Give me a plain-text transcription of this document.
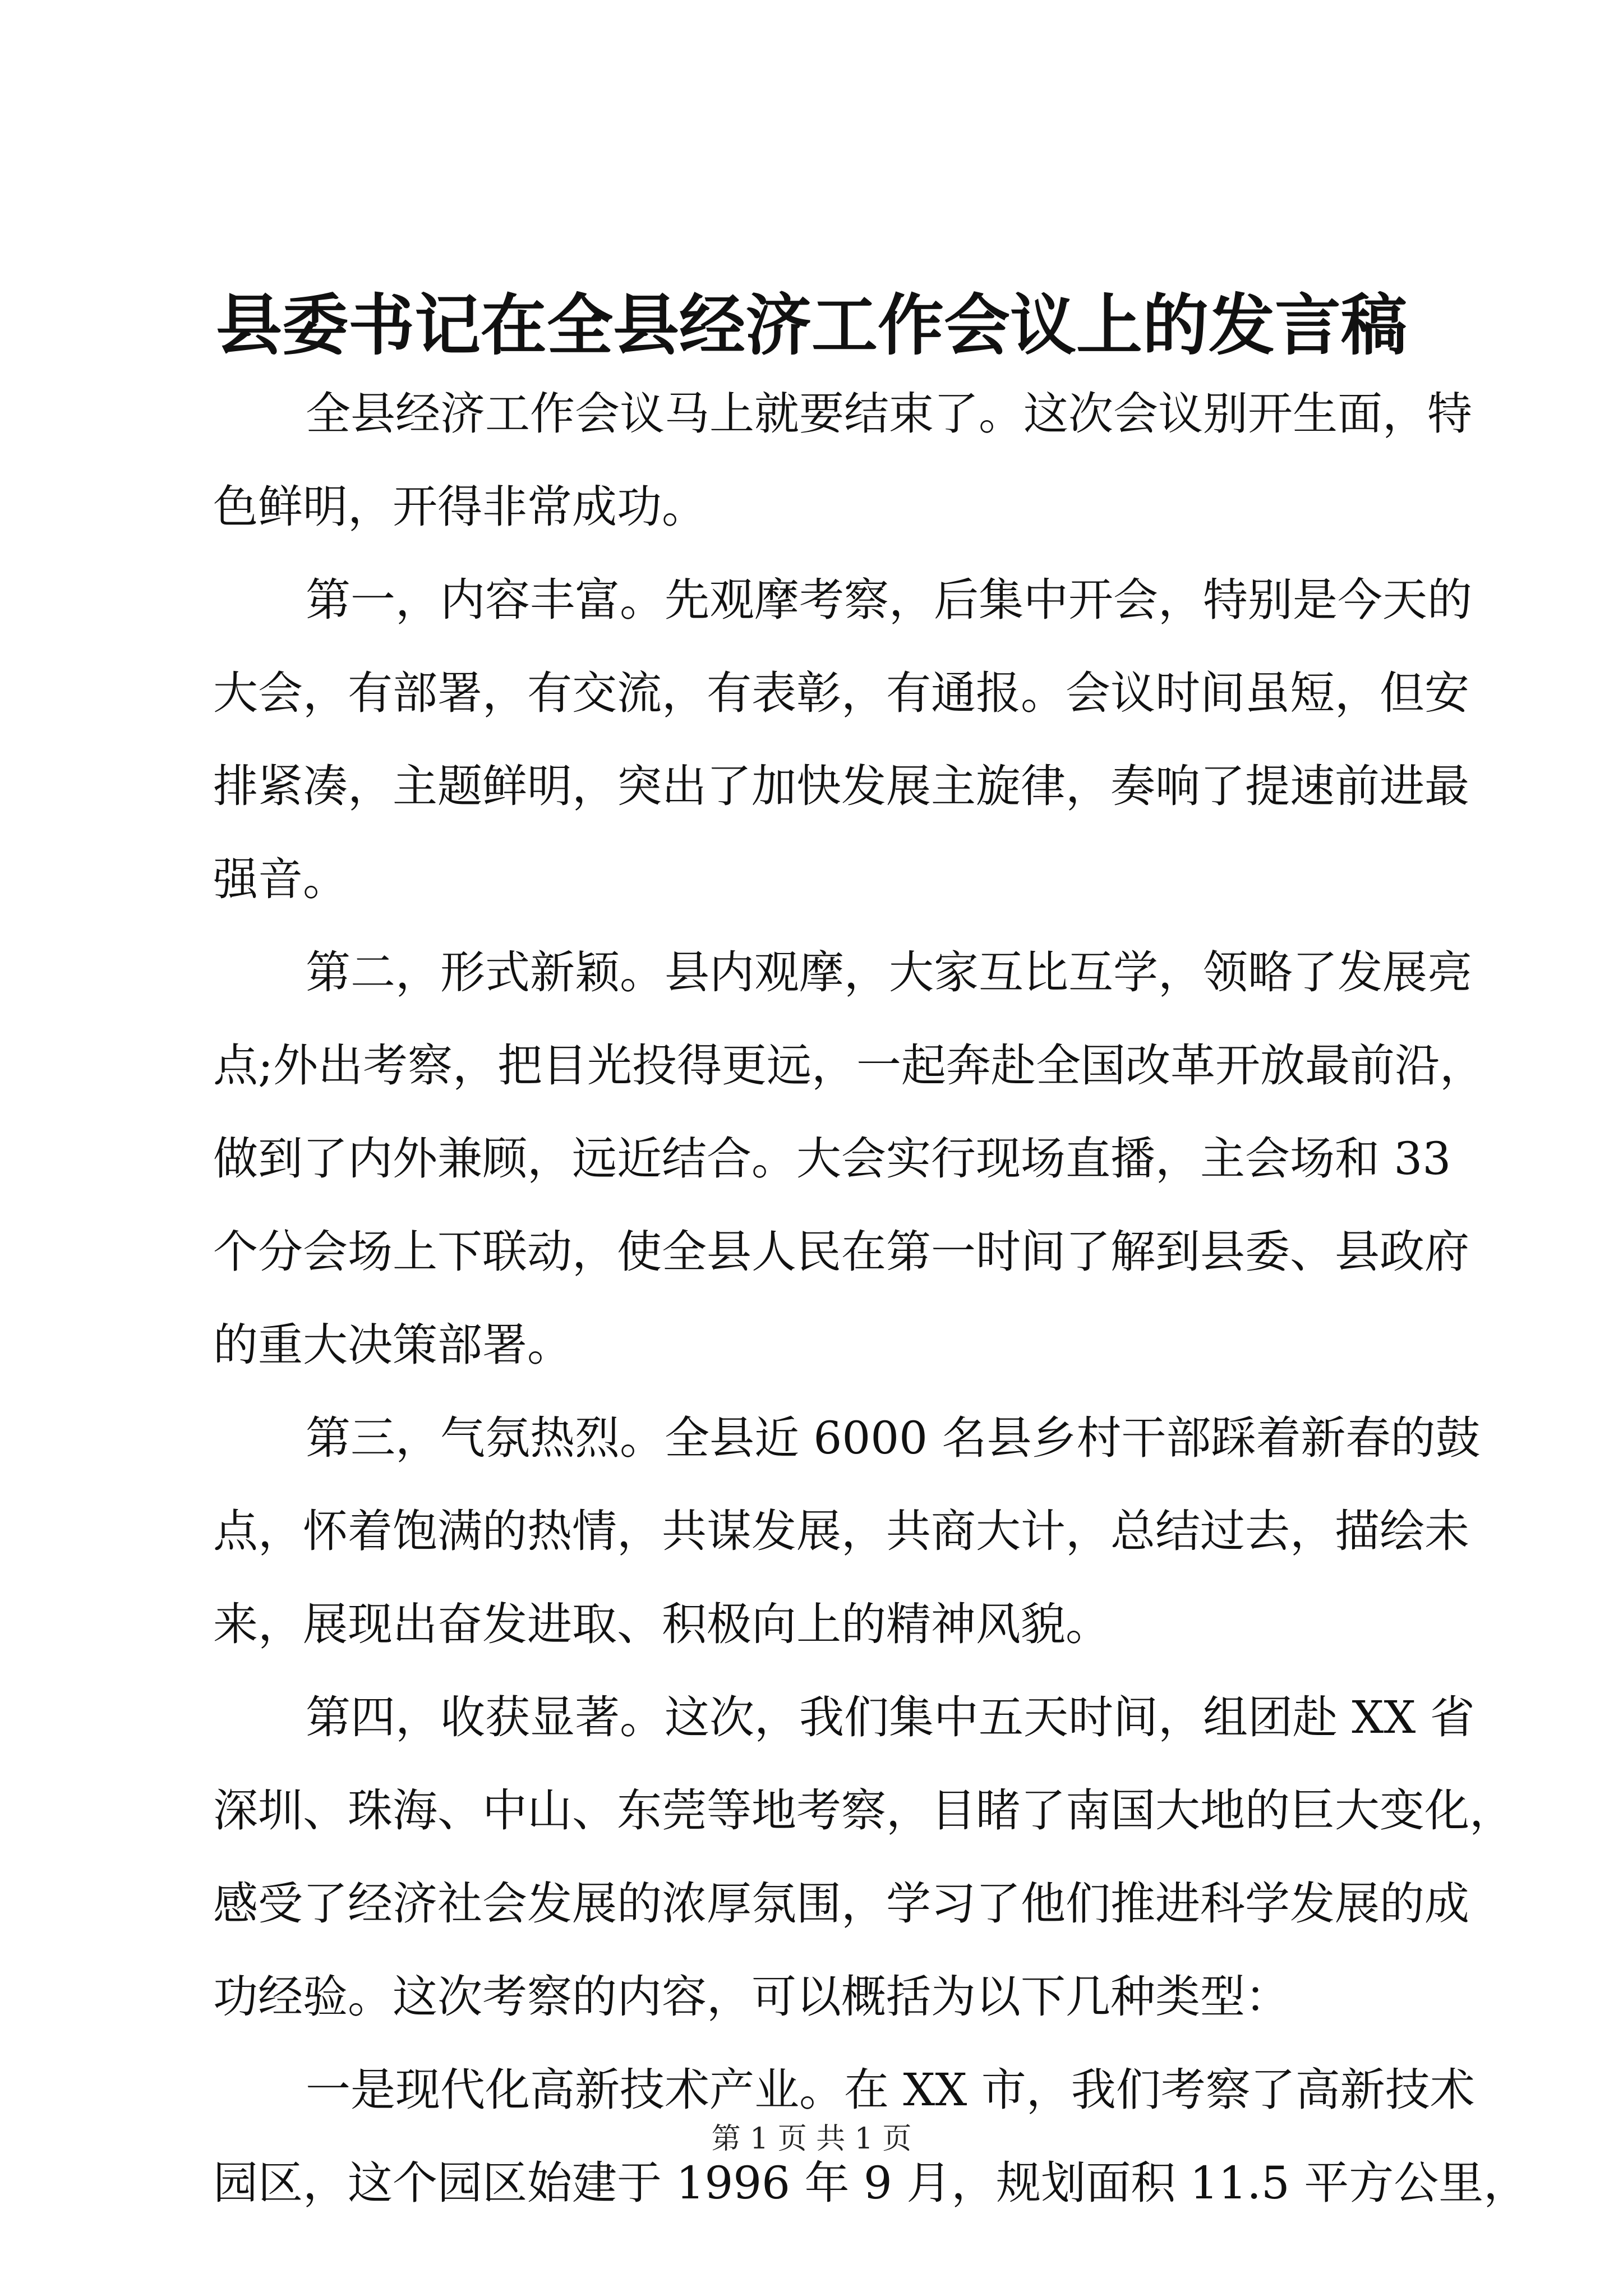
县委书记在全县经济工作会议上的发言稿
全县经济工作会议马上就要结束了。这次会议别开生面，特
色鲜明，开得非常成功。
第一，内容丰富。先观摩考察，后集中开会，特别是今天的
大会，有部署，有交流，有表彰，有通报。会议时间虽短，但安
排紧凑，主题鲜明，突出了加快发展主旋律，奏响了提速前进最
强音。
第二，形式新颖。县内观摩，大家互比互学，领略了发展亮
点;外出考察，把目光投得更远，一起奔赴全国改革开放最前沿，
做到了内外兼顾，远近结合。大会实行现场直播，主会场和 33
个分会场上下联动，使全县人民在第一时间了解到县委、县政府
的重大决策部署。
第三，气氛热烈。全县近 6000 名县乡村干部踩着新春的鼓
点，怀着饱满的热情，共谋发展，共商大计，总结过去，描绘未
来，展现出奋发进取、积极向上的精神风貌。
第四，收获显著。这次，我们集中五天时间，组团赴 XX 省
深圳、珠海、中山、东莞等地考察，目睹了南国大地的巨大变化，
感受了经济社会发展的浓厚氛围，学习了他们推进科学发展的成
功经验。这次考察的内容，可以概括为以下几种类型：
一是现代化高新技术产业。在 XX 市，我们考察了高新技术
园区，这个园区始建于 1996 年 9 月，规划面积 11.5 平方公里，
第 1 页 共 1 页
